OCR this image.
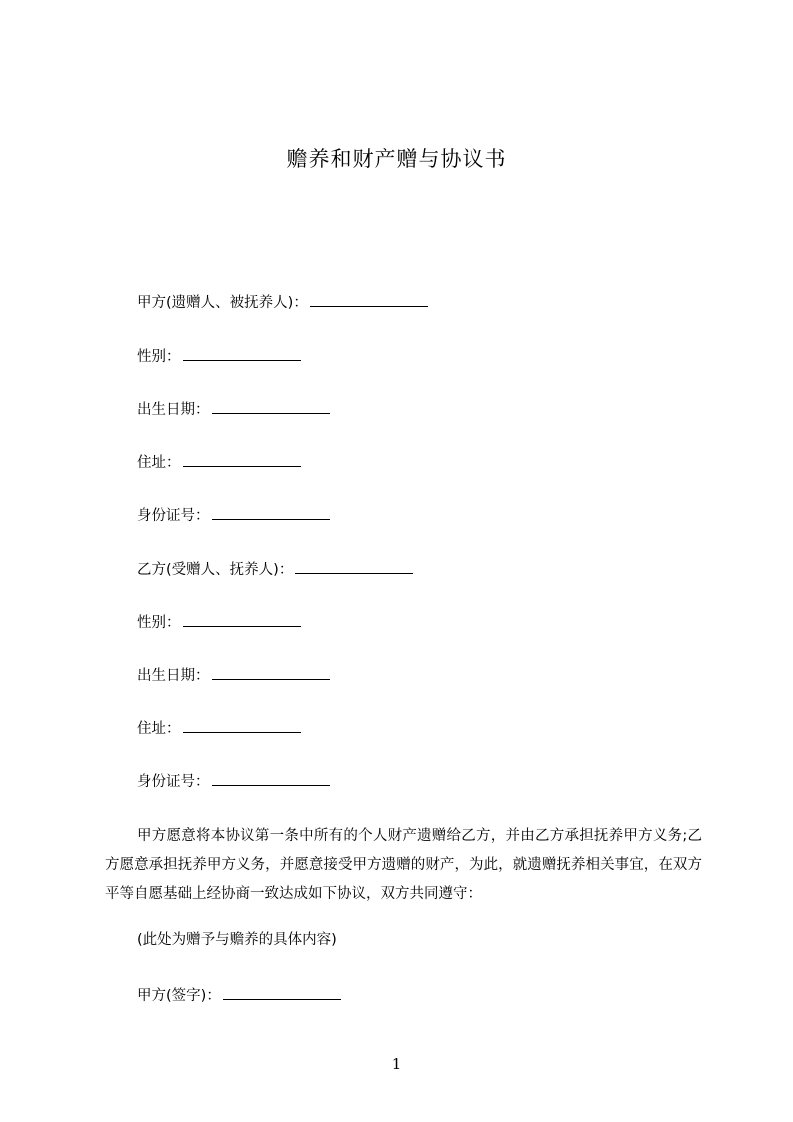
赡养和财产赠与协议书
甲方(遗赠人、被抚养人)：
性别：
出生日期：
住址：
身份证号：
乙方(受赠人、抚养人)：
性别：
出生日期：
住址：
身份证号：
甲方愿意将本协议第一条中所有的个人财产遗赠给乙方，并由乙方承担抚养甲方义务;乙方愿意承担抚养甲方义务，并愿意接受甲方遗赠的财产，为此，就遗赠抚养相关事宜，在双方平等自愿基础上经协商一致达成如下协议，双方共同遵守：
(此处为赠予与赡养的具体内容)
甲方(签字)：
1
